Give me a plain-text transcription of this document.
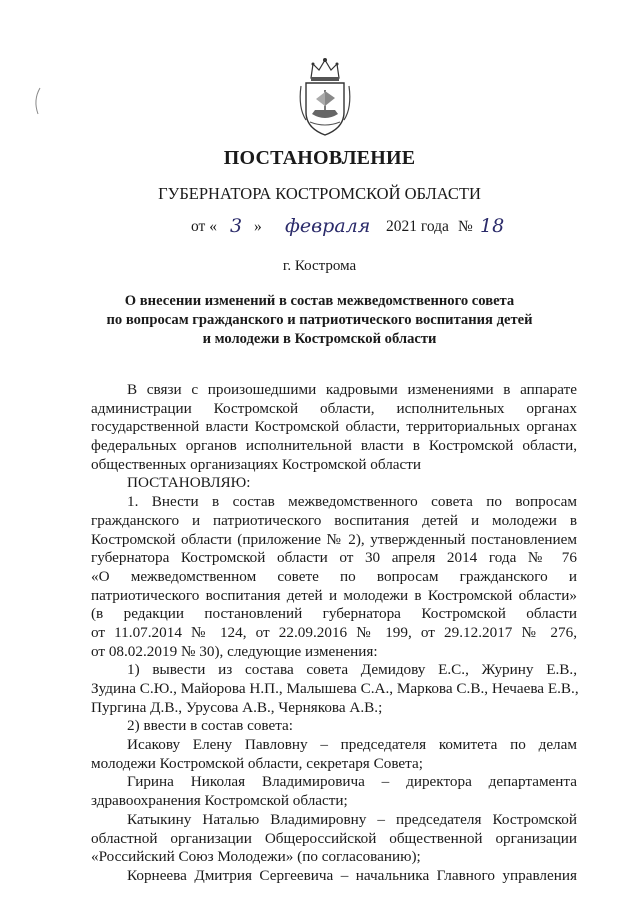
ПОСТАНОВЛЕНИЕ
ГУБЕРНАТОРА КОСТРОМСКОЙ ОБЛАСТИ
от « 3 » февраля 2021 года № 18
г. Кострома
О внесении изменений в состав межведомственного совета
по вопросам гражданского и патриотического воспитания детей
и молодежи в Костромской области
В связи с произошедшими кадровыми изменениями в аппарате
администрации Костромской области, исполнительных органах
государственной власти Костромской области, территориальных органах
федеральных органов исполнительной власти в Костромской области,
общественных организациях Костромской области
ПОСТАНОВЛЯЮ:
1. Внести в состав межведомственного совета по вопросам
гражданского и патриотического воспитания детей и молодежи в
Костромской области (приложение № 2), утвержденный постановлением
губернатора Костромской области от 30 апреля 2014 года № 76
«О межведомственном совете по вопросам гражданского и
патриотического воспитания детей и молодежи в Костромской области»
(в редакции постановлений губернатора Костромской области
от 11.07.2014 № 124, от 22.09.2016 № 199, от 29.12.2017 № 276,
от 08.02.2019 № 30), следующие изменения:
1) вывести из состава совета Демидову Е.С., Журину Е.В.,
Зудина С.Ю., Майорова Н.П., Малышева С.А., Маркова С.В., Нечаева Е.В.,
Пургина Д.В., Урусова А.В., Чернякова А.В.;
2) ввести в состав совета:
Исакову Елену Павловну – председателя комитета по делам
молодежи Костромской области, секретаря Совета;
Гирина Николая Владимировича – директора департамента
здравоохранения Костромской области;
Катыкину Наталью Владимировну – председателя Костромской
областной организации Общероссийской общественной организации
«Российский Союз Молодежи» (по согласованию);
Корнеева Дмитрия Сергеевича – начальника Главного управления
